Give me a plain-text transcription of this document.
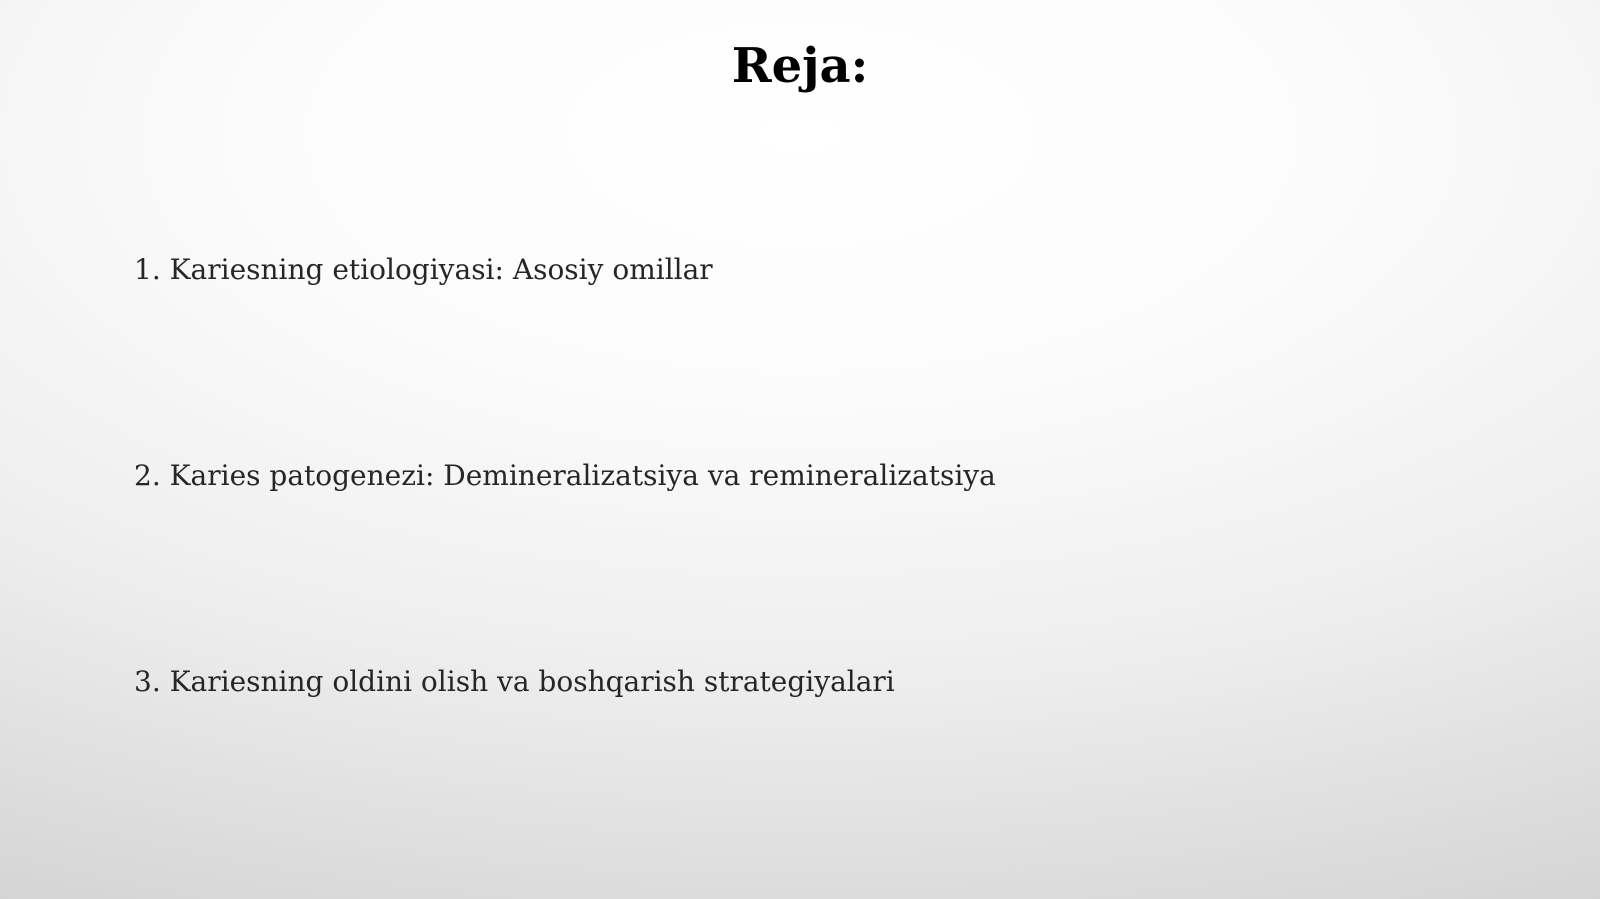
Reja:
1. Kariesning etiologiyasi: Asosiy omillar
2. Karies patogenezi: Demineralizatsiya va remineralizatsiya
3. Kariesning oldini olish va boshqarish strategiyalari
